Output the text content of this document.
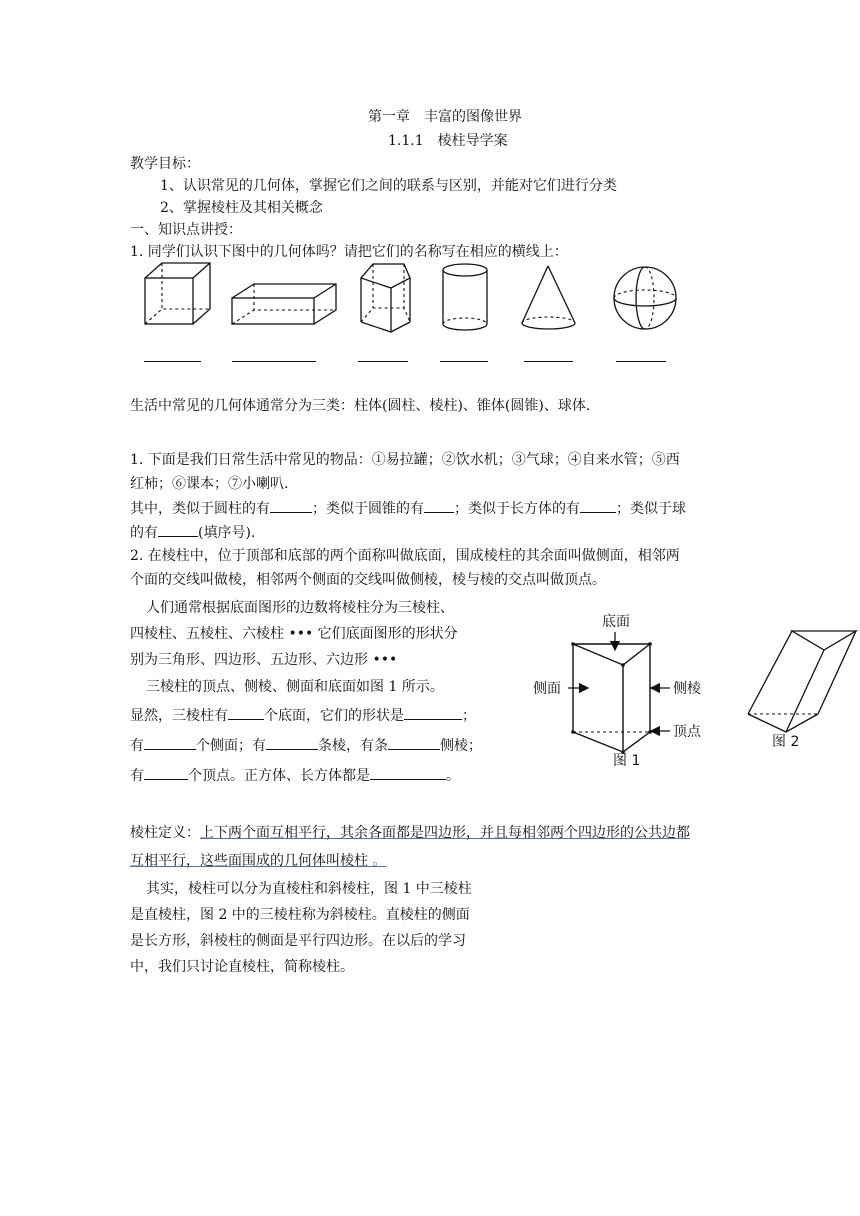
第一章　丰富的图像世界
1.1.1　棱柱导学案
教学目标：
1、认识常见的几何体，掌握它们之间的联系与区别，并能对它们进行分类
2、掌握棱柱及其相关概念
一、知识点讲授：
1. 同学们认识下图中的几何体吗？请把它们的名称写在相应的横线上：
生活中常见的几何体通常分为三类：柱体(圆柱、棱柱)、锥体(圆锥)、球体.
1. 下面是我们日常生活中常见的物品：①易拉罐；②饮水机；③气球；④自来水管；⑤西
红柿；⑥课本；⑦小喇叭.
其中，类似于圆柱的有	；类似于圆锥的有 ；类似于长方体的有	；类似于球
的有	(填序号).
2. 在棱柱中，位于顶部和底部的两个面称叫做底面，围成棱柱的其余面叫做侧面，相邻两
个面的交线叫做棱，相邻两个侧面的交线叫做侧棱，棱与棱的交点叫做顶点。
人们通常根据底面图形的边数将棱柱分为三棱柱、
四棱柱、五棱柱、六棱柱 ••• 它们底面图形的形状分
别为三角形、四边形、五边形、六边形 •••
三棱柱的顶点、侧棱、侧面和底面如图 1 所示。
显然，三棱柱有	个底面，它们的形状是	；
有	个侧面；有	条棱，有条	侧棱；
有	个顶点。正方体、长方体都是	。
底面
侧面	侧棱
顶点
图 1
图 2
棱柱定义：上下两个面互相平行，其余各面都是四边形，并且每相邻两个四边形的公共边都
互相平行，这些面围成的几何体叫棱柱 。
其实，棱柱可以分为直棱柱和斜棱柱，图 1 中三棱柱
是直棱柱，图 2 中的三棱柱称为斜棱柱。直棱柱的侧面
是长方形，斜棱柱的侧面是平行四边形。在以后的学习
中，我们只讨论直棱柱，简称棱柱。
